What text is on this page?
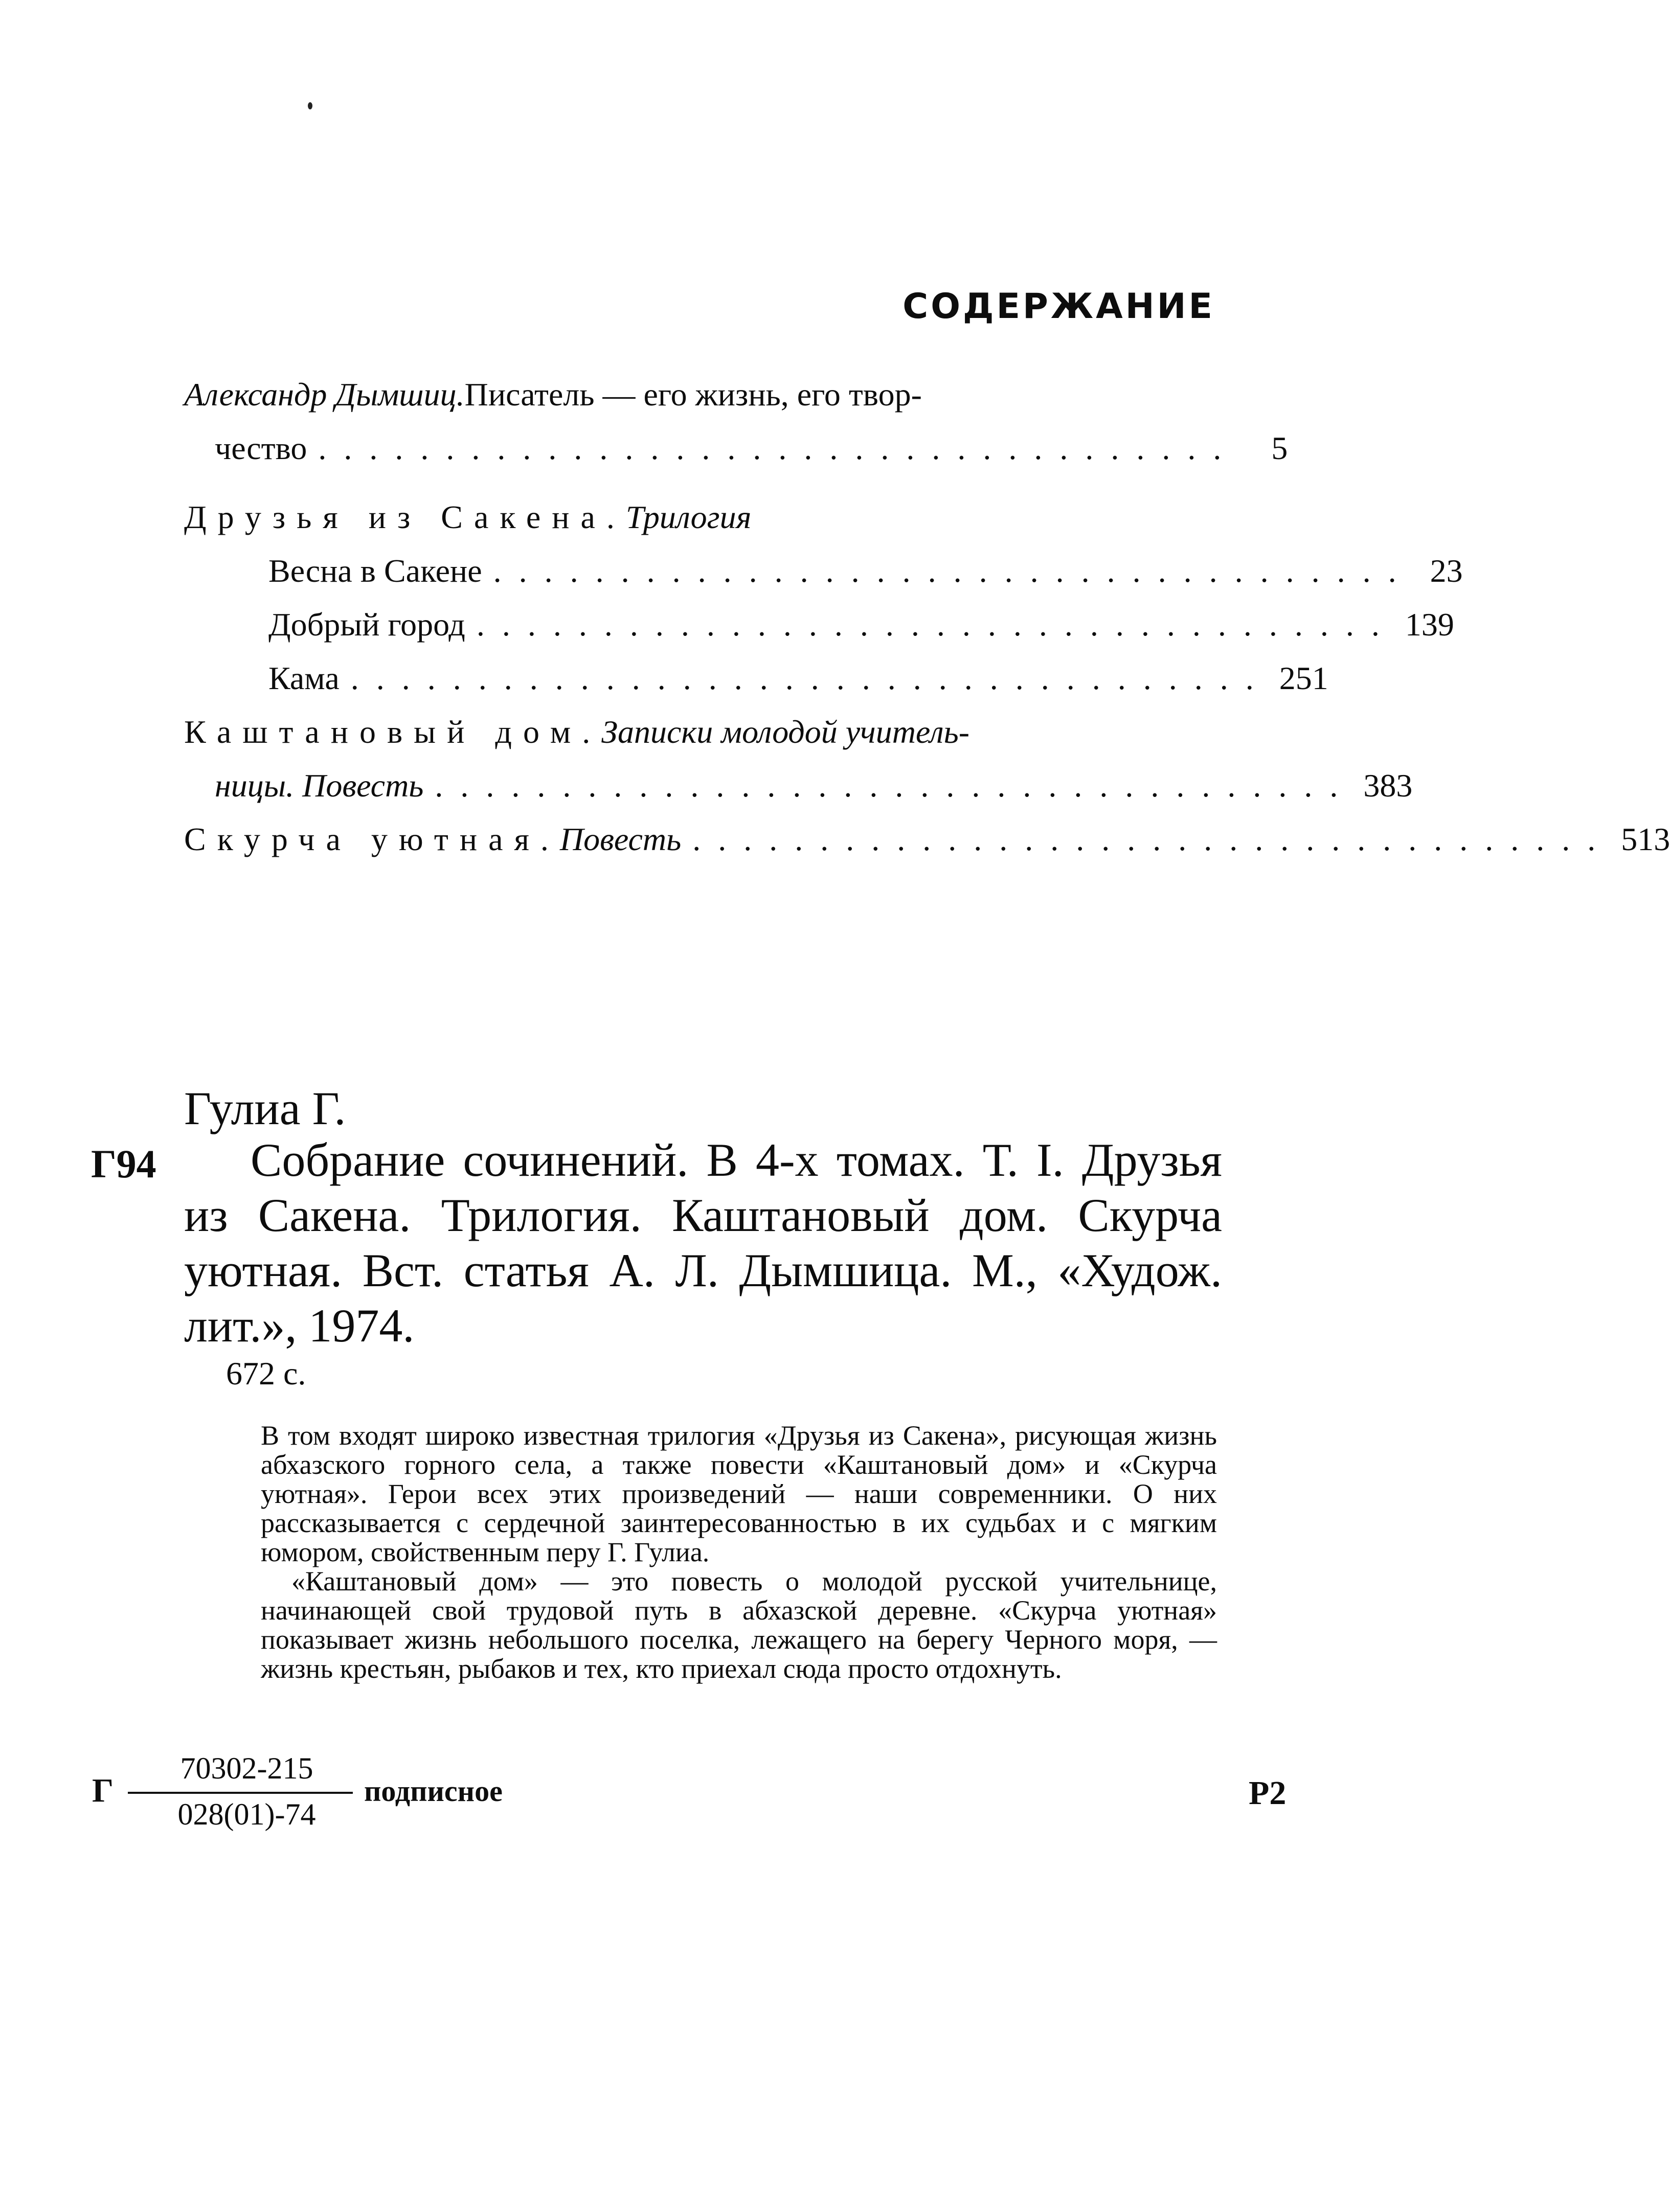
СОДЕРЖАНИЕ
Александр Дымшиц. Писатель — его жизнь, его твор-
чество ....................................	5
Друзья из Сакена. Трилогия
Весна в Сакене .................................... 23
Добрый город .................................... 139
Кама .................................... 251
Каштановый дом. Записки молодой учитель-
ницы. Повесть .................................... 383
Скурча уютная. Повесть .................................... 513
Гулиа Г.
Г94	Собрание сочинений. В 4-х томах. Т. I. Друзья из Сакена. Трилогия. Каштановый дом. Скурча уютная. Вст. статья А. Л. Дымшица. М., «Худож. лит.», 1974.
672 с.

В том входят широко известная трилогия «Друзья из Сакена», рисующая жизнь абхазского горного села, а также повести «Каштановый дом» и «Скурча уютная». Герои всех этих произведений — наши современники. О них рассказывается с сердечной заинтересованностью в их судьбах и с мягким юмором, свойственным перу Г. Гулиа.

«Каштановый дом» — это повесть о молодой русской учительнице, начинающей свой трудовой путь в абхазской деревне. «Скурча уютная» показывает жизнь небольшого поселка, лежащего на берегу Черного моря, — жизнь крестьян, рыбаков и тех, кто приехал сюда просто отдохнуть.

Г
70302-215
028(01)-74
подписное	Р2
